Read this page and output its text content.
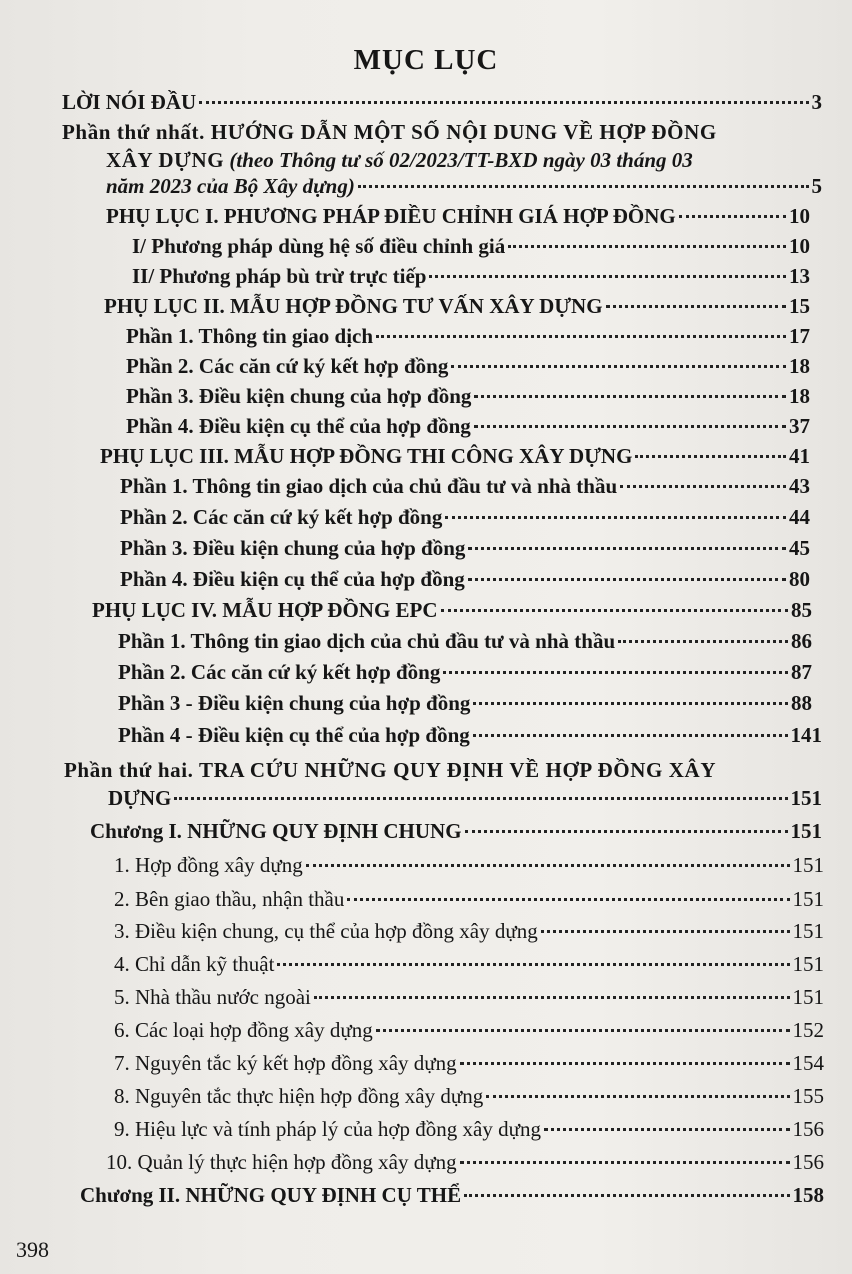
MỤC LỤC
LỜI NÓI ĐẦU	3
Phần thứ nhất. HƯỚNG DẪN MỘT SỐ NỘI DUNG VỀ HỢP ĐỒNG
XÂY DỰNG (theo Thông tư số 02/2023/TT-BXD ngày 03 tháng 03
năm 2023 của Bộ Xây dựng)	5
PHỤ LỤC I. PHƯƠNG PHÁP ĐIỀU CHỈNH GIÁ HỢP ĐỒNG	10
I/ Phương pháp dùng hệ số điều chỉnh giá	10
II/ Phương pháp bù trừ trực tiếp	13
PHỤ LỤC II. MẪU HỢP ĐỒNG TƯ VẤN XÂY DỰNG	15
Phần 1. Thông tin giao dịch	17
Phần 2. Các căn cứ ký kết hợp đồng	18
Phần 3. Điều kiện chung của hợp đồng	18
Phần 4. Điều kiện cụ thể của hợp đồng	37
PHỤ LỤC III. MẪU HỢP ĐỒNG THI CÔNG XÂY DỰNG	41
Phần 1. Thông tin giao dịch của chủ đầu tư và nhà thầu	43
Phần 2. Các căn cứ ký kết hợp đồng	44
Phần 3. Điều kiện chung của hợp đồng	45
Phần 4. Điều kiện cụ thể của hợp đồng	80
PHỤ LỤC IV. MẪU HỢP ĐỒNG EPC	85
Phần 1. Thông tin giao dịch của chủ đầu tư và nhà thầu	86
Phần 2. Các căn cứ ký kết hợp đồng	87
Phần 3 - Điều kiện chung của hợp đồng	88
Phần 4 - Điều kiện cụ thể của hợp đồng	141
Phần thứ hai. TRA CỨU NHỮNG QUY ĐỊNH VỀ HỢP ĐỒNG XÂY
DỰNG	151
Chương I. NHỮNG QUY ĐỊNH CHUNG	151
1. Hợp đồng xây dựng	151
2. Bên giao thầu, nhận thầu	151
3. Điều kiện chung, cụ thể của hợp đồng xây dựng	151
4. Chỉ dẫn kỹ thuật	151
5. Nhà thầu nước ngoài	151
6. Các loại hợp đồng xây dựng	152
7. Nguyên tắc ký kết hợp đồng xây dựng	154
8. Nguyên tắc thực hiện hợp đồng xây dựng	155
9. Hiệu lực và tính pháp lý của hợp đồng xây dựng	156
10. Quản lý thực hiện hợp đồng xây dựng	156
Chương II. NHỮNG QUY ĐỊNH CỤ THỂ	158
398
